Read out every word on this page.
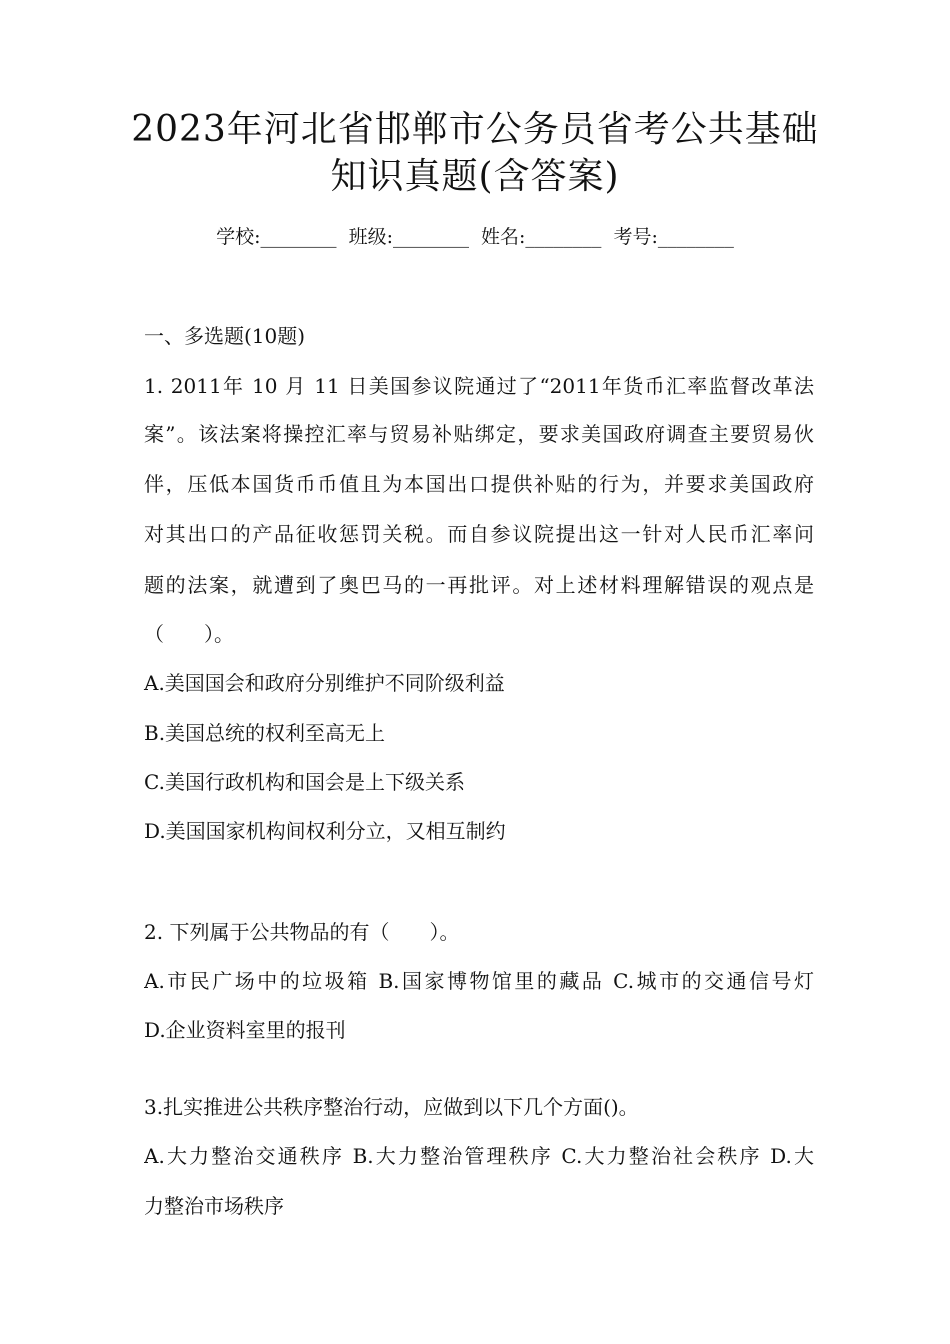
2023年河北省邯郸市公务员省考公共基础
知识真题(含答案)
学校:________ 班级:________ 姓名:________ 考号:________
一、多选题(10题)
1. 2011年 10 月 11 日美国参议院通过了“2011年货币汇率监督改革法
案”。该法案将操控汇率与贸易补贴绑定，要求美国政府调查主要贸易伙
伴，压低本国货币币值且为本国出口提供补贴的行为，并要求美国政府
对其出口的产品征收惩罚关税。而自参议院提出这一针对人民币汇率问
题的法案，就遭到了奥巴马的一再批评。对上述材料理解错误的观点是
（　　）。
A.美国国会和政府分别维护不同阶级利益
B.美国总统的权利至高无上
C.美国行政机构和国会是上下级关系
D.美国国家机构间权利分立，又相互制约
2. 下列属于公共物品的有（　　）。
A.市民广场中的垃圾箱 B.国家博物馆里的藏品 C.城市的交通信号灯
D.企业资料室里的报刊
3.扎实推进公共秩序整治行动，应做到以下几个方面()。
A.大力整治交通秩序 B.大力整治管理秩序 C.大力整治社会秩序 D.大
力整治市场秩序
